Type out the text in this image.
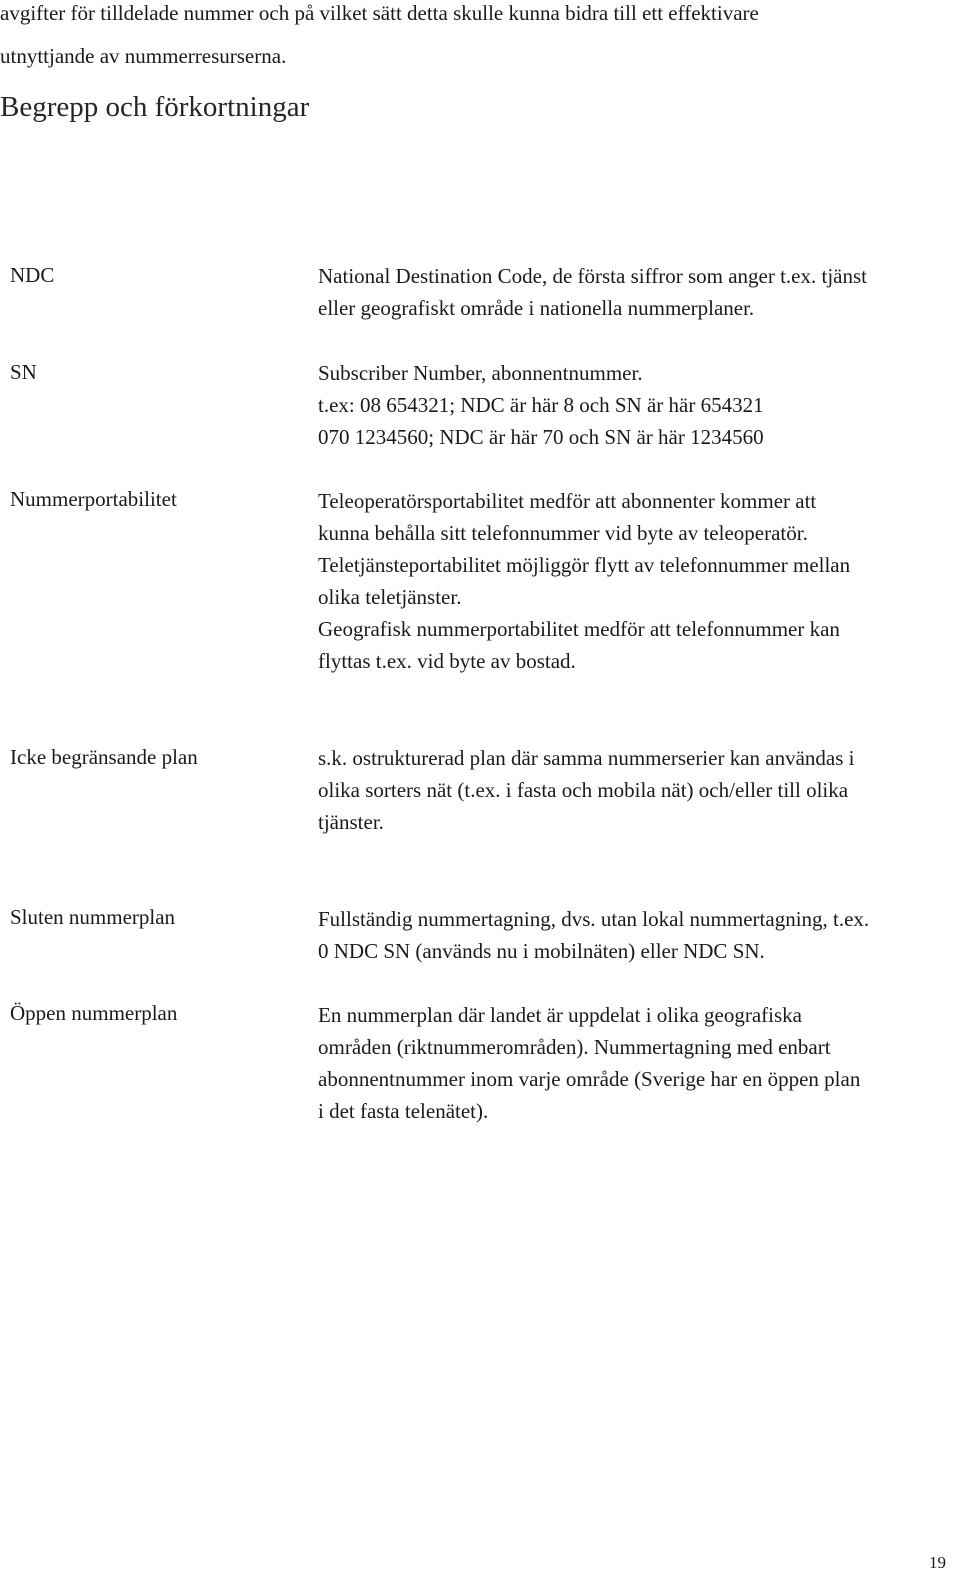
avgifter för tilldelade nummer och på vilket sätt detta skulle kunna bidra till ett effektivare
utnyttjande av nummerresurserna.
Begrepp och förkortningar
NDC	National Destination Code, de första siffror som anger t.ex. tjänst
eller geografiskt område i nationella nummerplaner.
SN	Subscriber Number, abonnentnummer.
t.ex: 08 654321; NDC är här 8 och SN är här 654321
070 1234560; NDC är här 70 och SN är här 1234560
Nummerportabilitet	Teleoperatörsportabilitet medför att abonnenter kommer att
kunna behålla sitt telefonnummer vid byte av teleoperatör.
Teletjänsteportabilitet möjliggör flytt av telefonnummer mellan
olika teletjänster.
Geografisk nummerportabilitet medför att telefonnummer kan
flyttas t.ex. vid byte av bostad.
Icke begränsande plan	s.k. ostrukturerad plan där samma nummerserier kan användas i
olika sorters nät (t.ex. i fasta och mobila nät) och/eller till olika
tjänster.
Sluten nummerplan	Fullständig nummertagning, dvs. utan lokal nummertagning, t.ex.
0 NDC SN (används nu i mobilnäten) eller NDC SN.
Öppen nummerplan	En nummerplan där landet är uppdelat i olika geografiska
områden (riktnummerområden). Nummertagning med enbart
abonnentnummer inom varje område (Sverige har en öppen plan
i det fasta telenätet).
19
